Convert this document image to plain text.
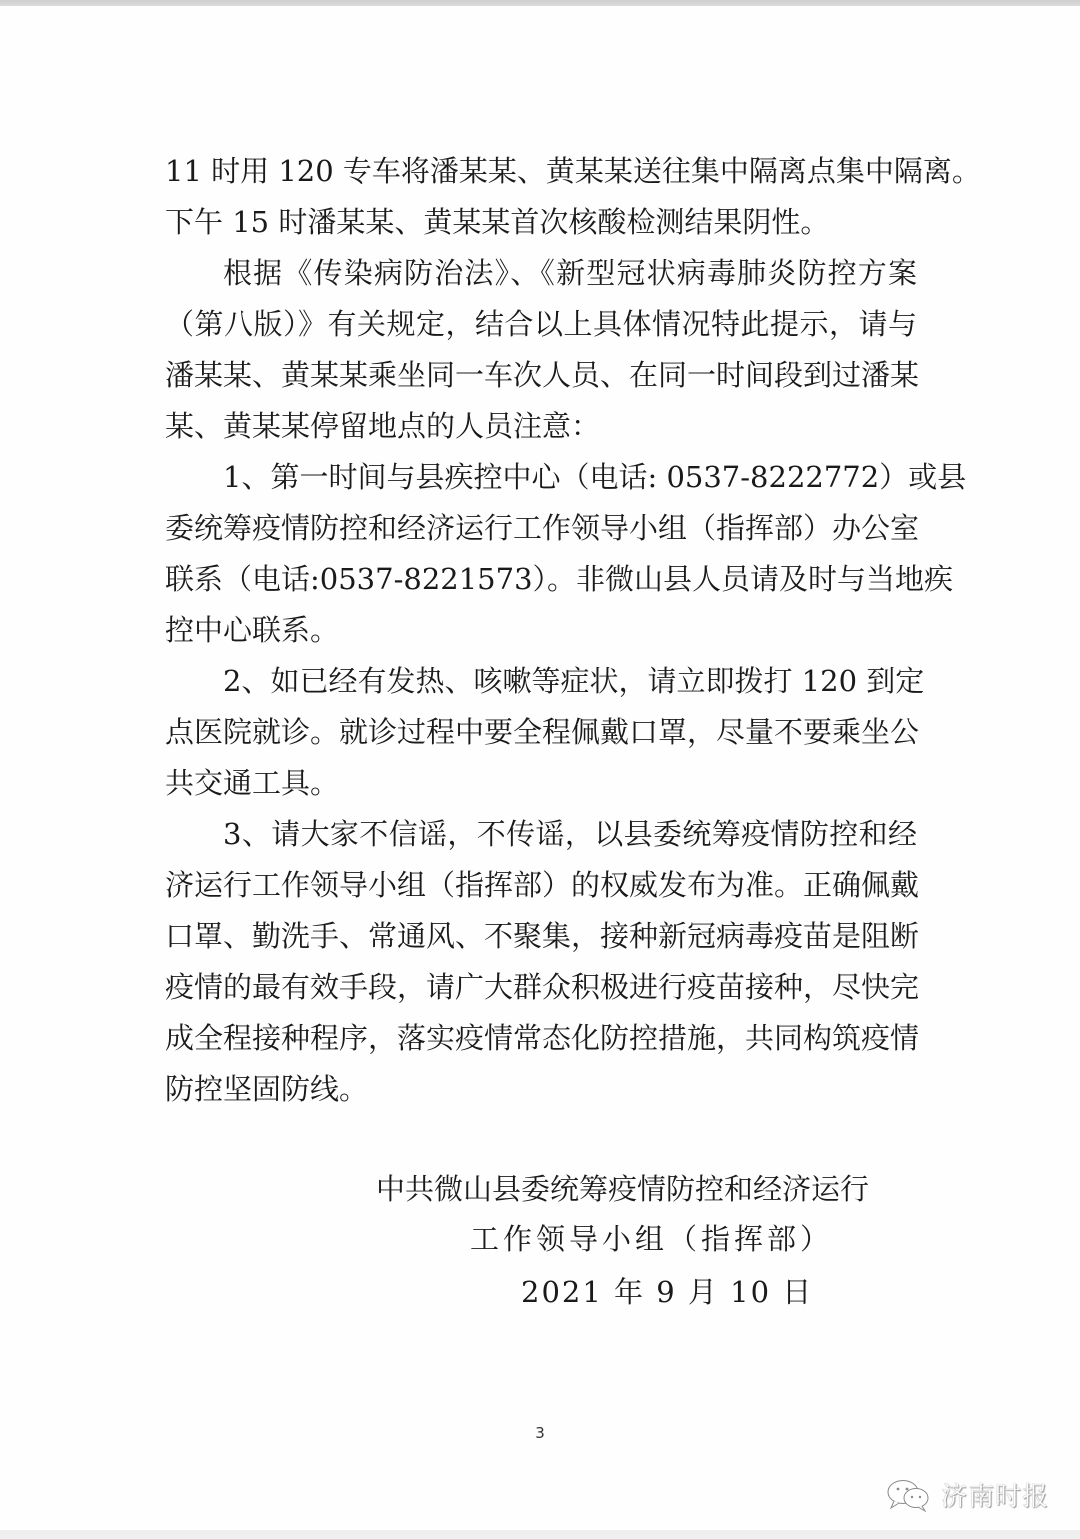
11 时用 120 专车将潘某某、黄某某送往集中隔离点集中隔离。
下午 15 时潘某某、黄某某首次核酸检测结果阴性。
根据《传染病防治法》、《新型冠状病毒肺炎防控方案
（第八版）》有关规定，结合以上具体情况特此提示，请与
潘某某、黄某某乘坐同一车次人员、在同一时间段到过潘某
某、黄某某停留地点的人员注意：
1、第一时间与县疾控中心（电话: 0537-8222772）或县
委统筹疫情防控和经济运行工作领导小组（指挥部）办公室
联系（电话:0537-8221573）。非微山县人员请及时与当地疾
控中心联系。
2、如已经有发热、咳嗽等症状，请立即拨打 120 到定
点医院就诊。就诊过程中要全程佩戴口罩，尽量不要乘坐公
共交通工具。
3、请大家不信谣，不传谣，以县委统筹疫情防控和经
济运行工作领导小组（指挥部）的权威发布为准。正确佩戴
口罩、勤洗手、常通风、不聚集，接种新冠病毒疫苗是阻断
疫情的最有效手段，请广大群众积极进行疫苗接种，尽快完
成全程接种程序，落实疫情常态化防控措施，共同构筑疫情
防控坚固防线。
中共微山县委统筹疫情防控和经济运行
工作领导小组（指挥部）
2021 年 9 月 10 日
3
济南时报
